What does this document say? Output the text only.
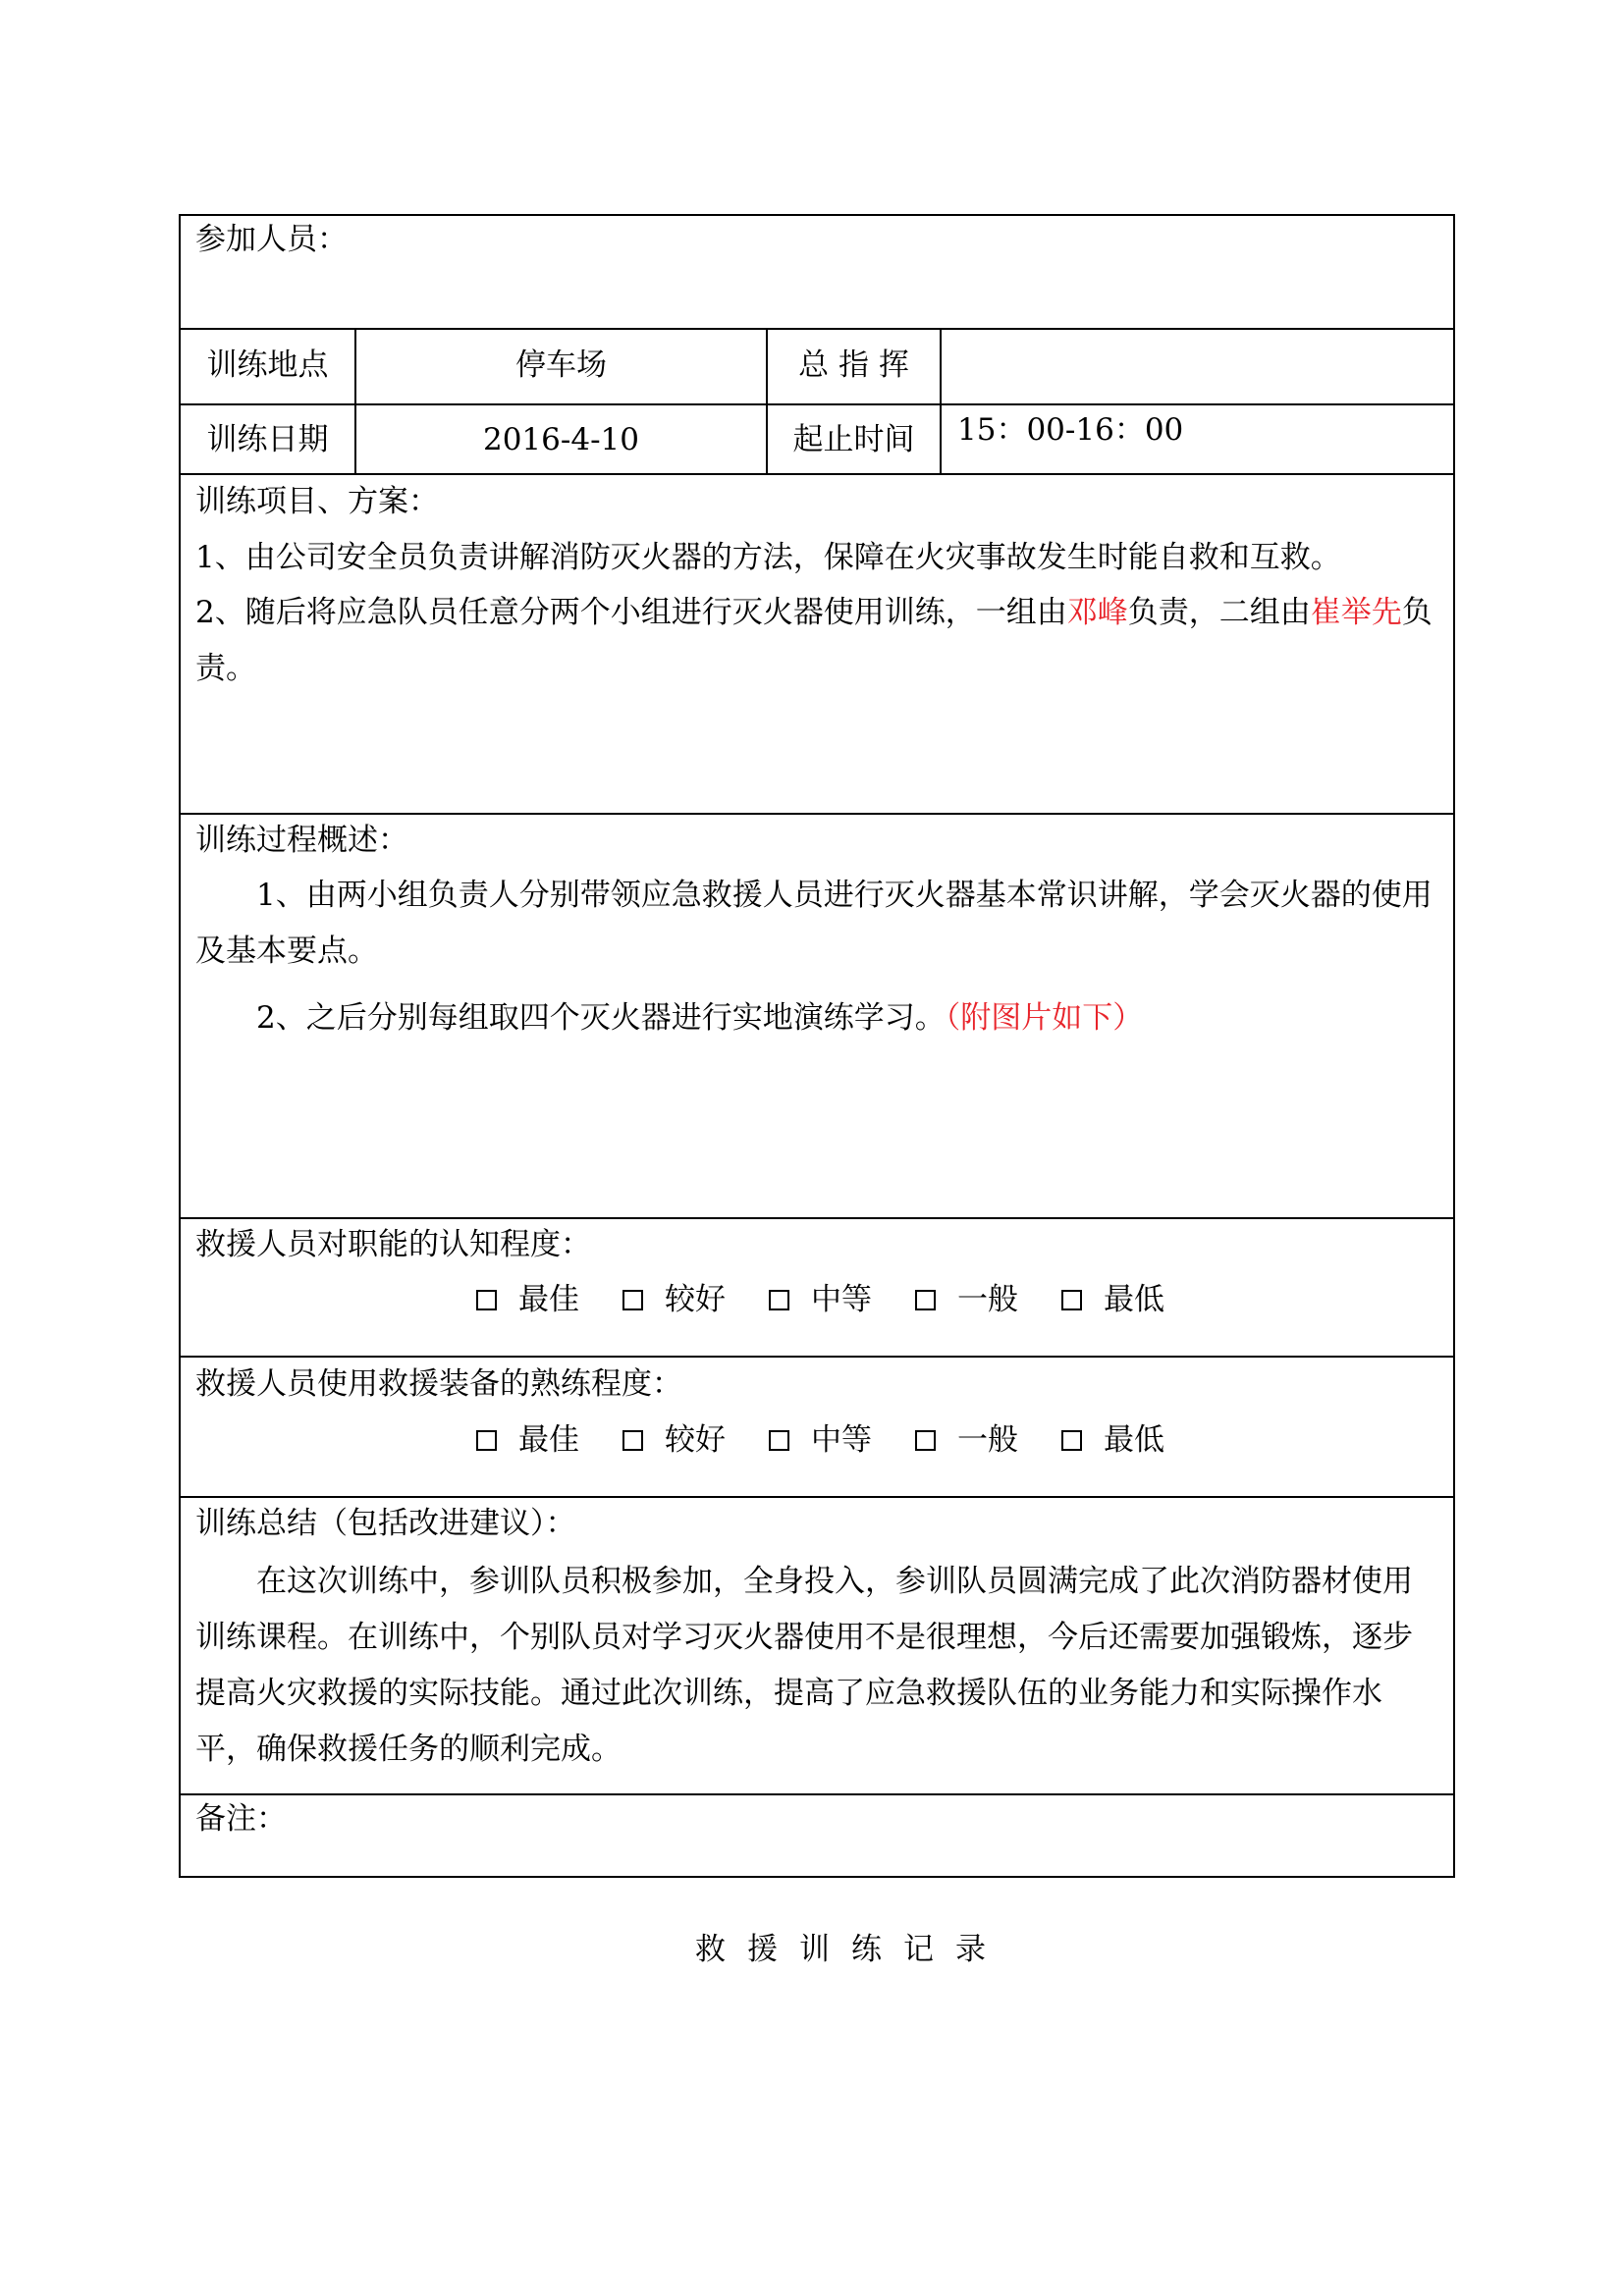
参加人员：
训练地点	停车场	总 指 挥
训练日期	2016-4-10	起止时间	15：00-16：00
训练项目、方案：
1、由公司安全员负责讲解消防灭火器的方法，保障在火灾事故发生时能自救和互救。
2、随后将应急队员任意分两个小组进行灭火器使用训练，一组由邓峰负责，二组由崔举先负责。
训练过程概述：
1、由两小组负责人分别带领应急救援人员进行灭火器基本常识讲解，学会灭火器的使用及基本要点。
2、之后分别每组取四个灭火器进行实地演练学习。（附图片如下）
救援人员对职能的认知程度：
最佳	较好	中等	一般	最低
救援人员使用救援装备的熟练程度：
最佳	较好	中等	一般	最低
训练总结（包括改进建议）：
在这次训练中，参训队员积极参加，全身投入，参训队员圆满完成了此次消防器材使用训练课程。在训练中，个别队员对学习灭火器使用不是很理想，今后还需要加强锻炼，逐步提高火灾救援的实际技能。通过此次训练，提高了应急救援队伍的业务能力和实际操作水平，确保救援任务的顺利完成。
备注：
救援训练记录
